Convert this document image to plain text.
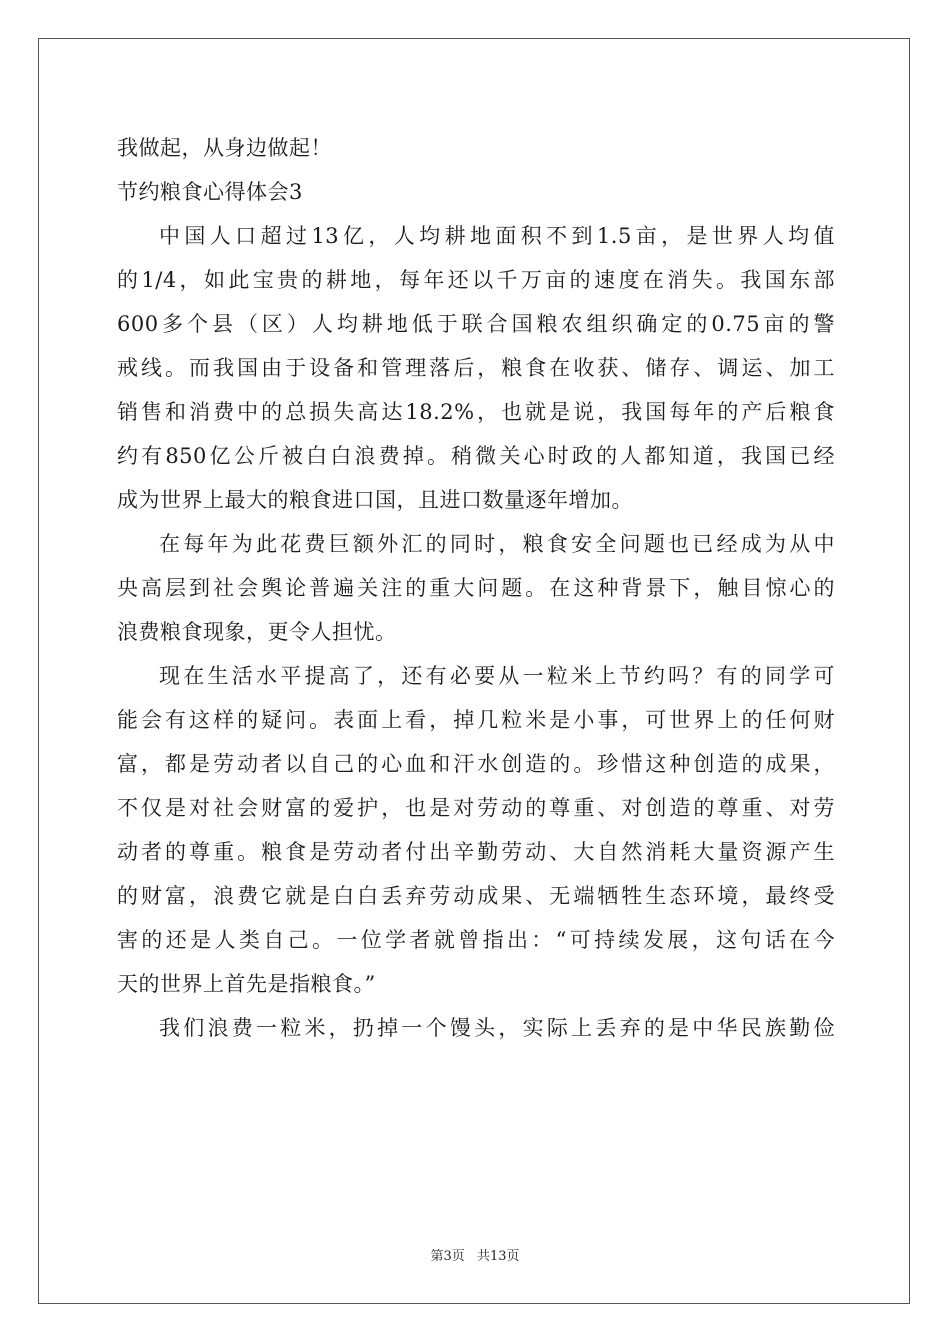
我做起，从身边做起！
节约粮食心得体会3
中国人口超过13亿，人均耕地面积不到1.5亩，是世界人均值
的1/4，如此宝贵的耕地，每年还以千万亩的速度在消失。我国东部
600多个县（区）人均耕地低于联合国粮农组织确定的0.75亩的警
戒线。而我国由于设备和管理落后，粮食在收获、储存、调运、加工
销售和消费中的总损失高达18.2%，也就是说，我国每年的产后粮食
约有850亿公斤被白白浪费掉。稍微关心时政的人都知道，我国已经
成为世界上最大的粮食进口国，且进口数量逐年增加。
在每年为此花费巨额外汇的同时，粮食安全问题也已经成为从中
央高层到社会舆论普遍关注的重大问题。在这种背景下，触目惊心的
浪费粮食现象，更令人担忧。
现在生活水平提高了，还有必要从一粒米上节约吗？有的同学可
能会有这样的疑问。表面上看，掉几粒米是小事，可世界上的任何财
富，都是劳动者以自己的心血和汗水创造的。珍惜这种创造的成果，
不仅是对社会财富的爱护，也是对劳动的尊重、对创造的尊重、对劳
动者的尊重。粮食是劳动者付出辛勤劳动、大自然消耗大量资源产生
的财富，浪费它就是白白丢弃劳动成果、无端牺牲生态环境，最终受
害的还是人类自己。一位学者就曾指出：“可持续发展，这句话在今
天的世界上首先是指粮食。”
我们浪费一粒米，扔掉一个馒头，实际上丢弃的是中华民族勤俭
第3页 共13页
